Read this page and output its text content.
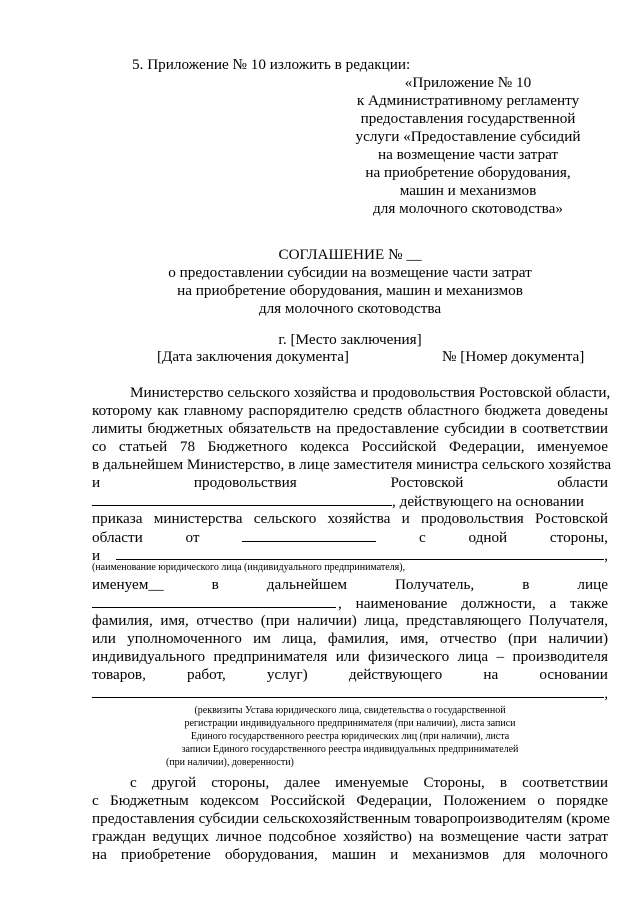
5. Приложение № 10 изложить в редакции:
«Приложение № 10
к Административному регламенту
предоставления государственной
услуги «Предоставление субсидий
на возмещение части затрат
на приобретение оборудования,
машин и механизмов
для молочного скотоводства»
СОГЛАШЕНИЕ № __
о предоставлении субсидии на возмещение части затрат
на приобретение оборудования, машин и механизмов
для молочного скотоводства
г. [Место заключения]
[Дата заключения документа]	№ [Номер документа]
Министерство сельского хозяйства и продовольствия Ростовской области,
которому как главному распорядителю средств областного бюджета доведены
лимиты бюджетных обязательств на предоставление субсидии в соответствии
со статьей 78 Бюджетного кодекса Российской Федерации, именуемое
в дальнейшем Министерство, в лице заместителя министра сельского хозяйства
и	продовольствия	Ростовской	области
, действующего на основании
приказа министерства сельского хозяйства и продовольствия Ростовской
области	от	с	одной	стороны,
и	,
(наименование юридического лица (индивидуального предпринимателя),
именуем__	в	дальнейшем	Получатель,	в	лице
, наименование должности, а также
фамилия, имя, отчество (при наличии) лица, представляющего Получателя,
или уполномоченного им лица, фамилия, имя, отчество (при наличии)
индивидуального предпринимателя или физического лица – производителя
товаров,	работ,	услуг)	действующего	на	основании
,
(реквизиты Устава юридического лица, свидетельства о государственной
регистрации индивидуального предпринимателя (при наличии), листа записи
Единого государственного реестра юридических лиц (при наличии), листа
записи Единого государственного реестра индивидуальных предпринимателей
(при наличии), доверенности)
с другой стороны, далее именуемые Стороны, в соответствии
с Бюджетным кодексом Российской Федерации, Положением о порядке
предоставления субсидии сельскохозяйственным товаропроизводителям (кроме
граждан ведущих личное подсобное хозяйство) на возмещение части затрат
на приобретение оборудования, машин и механизмов для молочного
